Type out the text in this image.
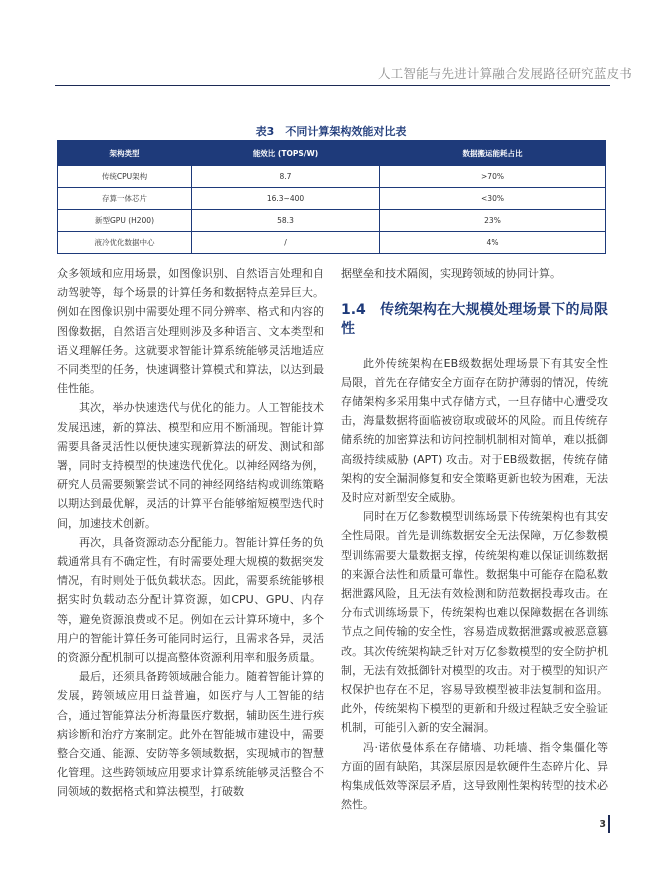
人工智能与先进计算融合发展路径研究蓝皮书
表3　不同计算架构效能对比表
架构类型	能效比 (TOPS/W)	数据搬运能耗占比
传统CPU架构	8.7	>70%
存算一体芯片	16.3~400	<30%
新型GPU (H200)	58.3	23%
液冷优化数据中心	/	4%

众多领域和应用场景，如图像识别、自然语言处理和自动驾驶等，每个场景的计算任务和数据特点差异巨大。例如在图像识别中需要处理不同分辨率、格式和内容的图像数据，自然语言处理则涉及多种语言、文本类型和语义理解任务。这就要求智能计算系统能够灵活地适应不同类型的任务，快速调整计算模式和算法，以达到最佳性能。

其次，举办快速迭代与优化的能力。人工智能技术发展迅速，新的算法、模型和应用不断涌现。智能计算需要具备灵活性以便快速实现新算法的研发、测试和部署，同时支持模型的快速迭代优化。以神经网络为例，研究人员需要频繁尝试不同的神经网络结构或训练策略以期达到最优解，灵活的计算平台能够缩短模型迭代时间，加速技术创新。

再次，具备资源动态分配能力。智能计算任务的负载通常具有不确定性，有时需要处理大规模的数据突发情况，有时则处于低负载状态。因此，需要系统能够根据实时负载动态分配计算资源，如CPU、GPU、内存等，避免资源浪费或不足。例如在云计算环境中，多个用户的智能计算任务可能同时运行，且需求各异，灵活的资源分配机制可以提高整体资源利用率和服务质量。

最后，还须具备跨领域融合能力。随着智能计算的发展，跨领域应用日益普遍，如医疗与人工智能的结合，通过智能算法分析海量医疗数据，辅助医生进行疾病诊断和治疗方案制定。此外在智能城市建设中，需要整合交通、能源、安防等多领域数据，实现城市的智慧化管理。这些跨领域应用要求计算系统能够灵活整合不同领域的数据格式和算法模型，打破数

据壁垒和技术隔阂，实现跨领域的协同计算。

1.4 传统架构在大规模处理场景下的局限性

此外传统架构在EB级数据处理场景下有其安全性局限，首先在存储安全方面存在防护薄弱的情况，传统存储架构多采用集中式存储方式，一旦存储中心遭受攻击，海量数据将面临被窃取或破坏的风险。而且传统存储系统的加密算法和访问控制机制相对简单，难以抵御高级持续威胁 (APT) 攻击。对于EB级数据，传统存储架构的安全漏洞修复和安全策略更新也较为困难，无法及时应对新型安全威胁。

同时在万亿参数模型训练场景下传统架构也有其安全性局限。首先是训练数据安全无法保障，万亿参数模型训练需要大量数据支撑，传统架构难以保证训练数据的来源合法性和质量可靠性。数据集中可能存在隐私数据泄露风险，且无法有效检测和防范数据投毒攻击。在分布式训练场景下，传统架构也难以保障数据在各训练节点之间传输的安全性，容易造成数据泄露或被恶意篡改。其次传统架构缺乏针对万亿参数模型的安全防护机制，无法有效抵御针对模型的攻击。对于模型的知识产权保护也存在不足，容易导致模型被非法复制和盗用。此外，传统架构下模型的更新和升级过程缺乏安全验证机制，可能引入新的安全漏洞。

冯·诺依曼体系在存储墙、功耗墙、指令集僵化等方面的固有缺陷，其深层原因是软硬件生态碎片化、异构集成低效等深层矛盾，这导致刚性架构转型的技术必然性。

3
